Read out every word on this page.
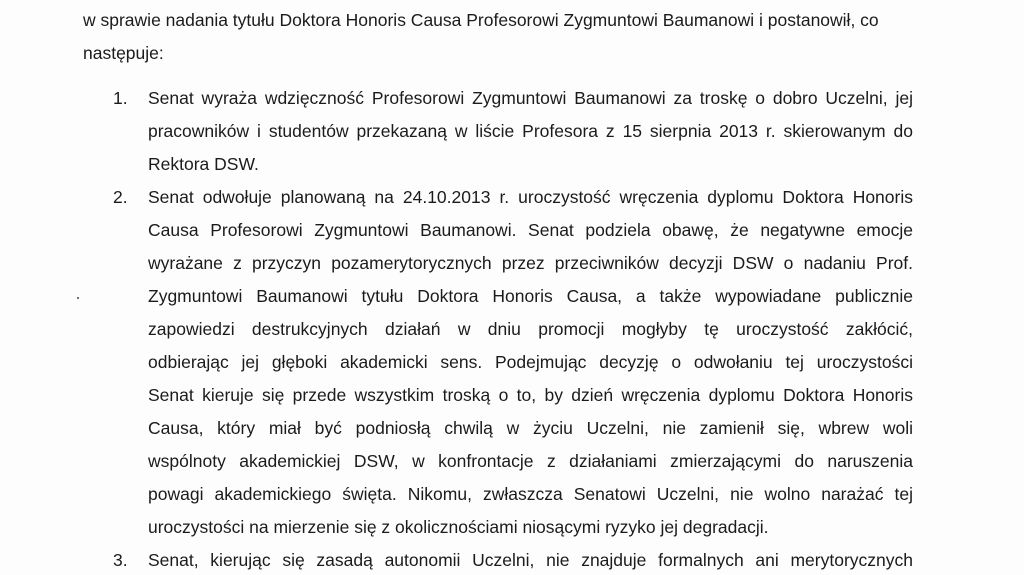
w sprawie nadania tytułu Doktora Honoris Causa Profesorowi Zygmuntowi Baumanowi i postanowił, co
następuje:
1.	Senat wyraża wdzięczność Profesorowi Zygmuntowi Baumanowi za troskę o dobro Uczelni, jej
pracowników i studentów przekazaną w liście Profesora z 15 sierpnia 2013 r. skierowanym do
Rektora DSW.
2.	Senat odwołuje planowaną na 24.10.2013 r. uroczystość wręczenia dyplomu Doktora Honoris
Causa Profesorowi Zygmuntowi Baumanowi. Senat podziela obawę, że negatywne emocje
wyrażane z przyczyn pozamerytorycznych przez przeciwników decyzji DSW o nadaniu Prof.
Zygmuntowi Baumanowi tytułu Doktora Honoris Causa, a także wypowiadane publicznie
zapowiedzi destrukcyjnych działań w dniu promocji mogłyby tę uroczystość zakłócić,
odbierając jej głęboki akademicki sens. Podejmując decyzję o odwołaniu tej uroczystości
Senat kieruje się przede wszystkim troską o to, by dzień wręczenia dyplomu Doktora Honoris
Causa, który miał być podniosłą chwilą w życiu Uczelni, nie zamienił się, wbrew woli
wspólnoty akademickiej DSW, w konfrontacje z działaniami zmierzającymi do naruszenia
powagi akademickiego święta. Nikomu, zwłaszcza Senatowi Uczelni, nie wolno narażać tej
uroczystości na mierzenie się z okolicznościami niosącymi ryzyko jej degradacji.
3.	Senat, kierując się zasadą autonomii Uczelni, nie znajduje formalnych ani merytorycznych
